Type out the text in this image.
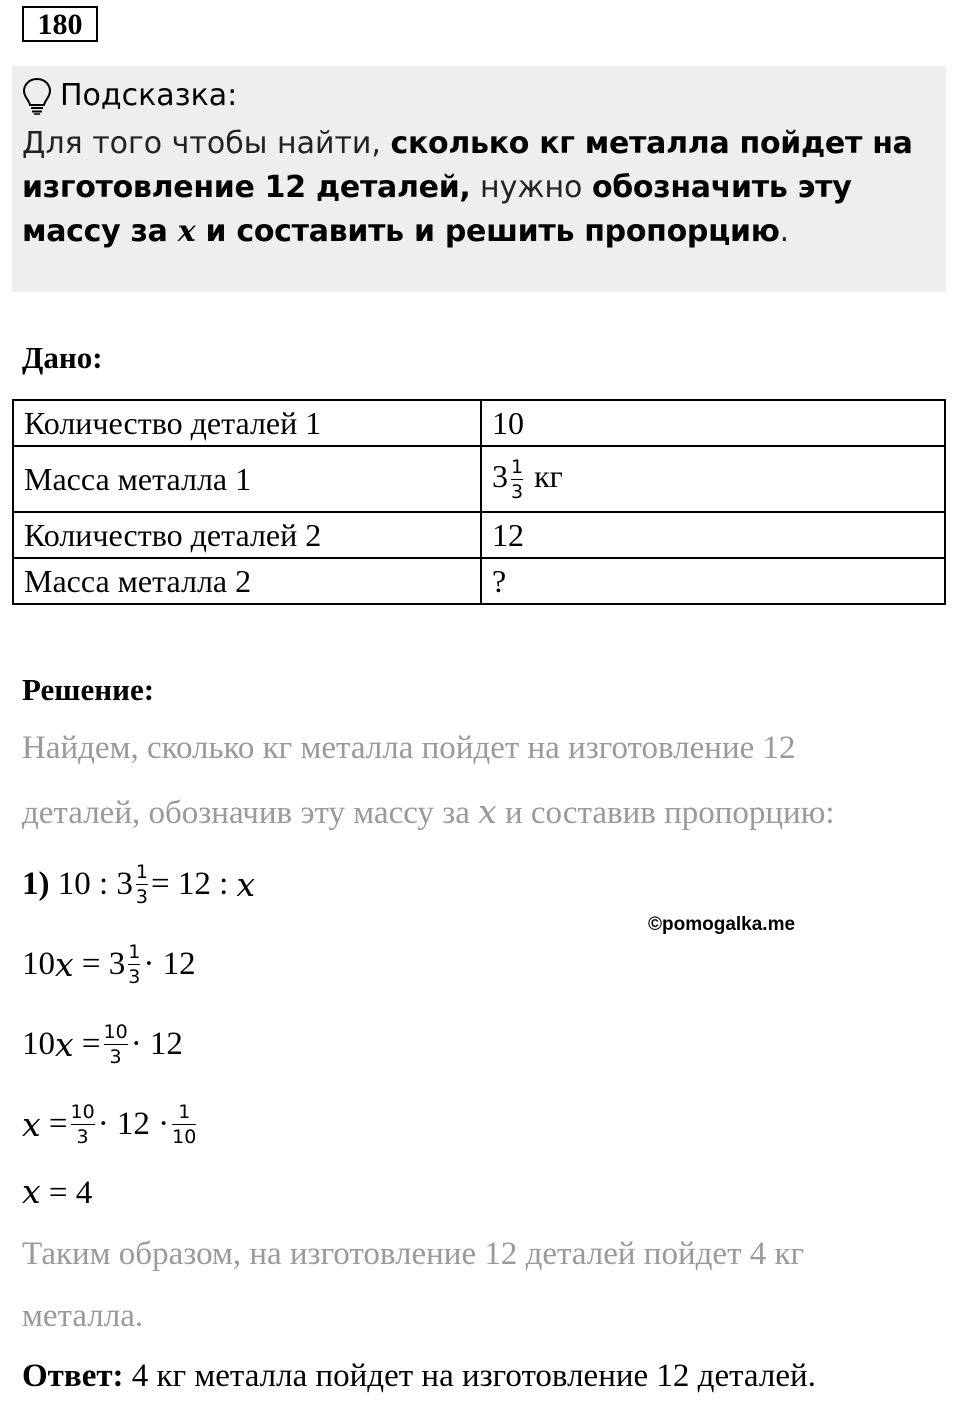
180
Подсказка:
Для того чтобы найти, сколько кг металла пойдет на изготовление 12 деталей, нужно обозначить эту массу за x и составить и решить пропорцию.
Дано:
Количество деталей 1	10
Масса металла 1	$3 \frac{1}{3}$ кг
Количество деталей 2	12
Масса металла 2	?
Решение:
Найдем, сколько кг металла пойдет на изготовление 12
деталей, обозначив эту массу за x и составив пропорцию:
1)
10 : $3 \frac{1}{3} = 12$ :
x
©pomogalka.me
10 x
= $3 \frac{1}{3} \cdot 12$
10 x
= $\frac{10}{3} \cdot 12$
x
= $\frac{10}{3} \cdot 12 \cdot \frac{1}{10}$
x = 4
Таким образом, на изготовление 12 деталей пойдет 4 кг
металла.
Ответ: 4 кг металла пойдет на изготовление 12 деталей.
